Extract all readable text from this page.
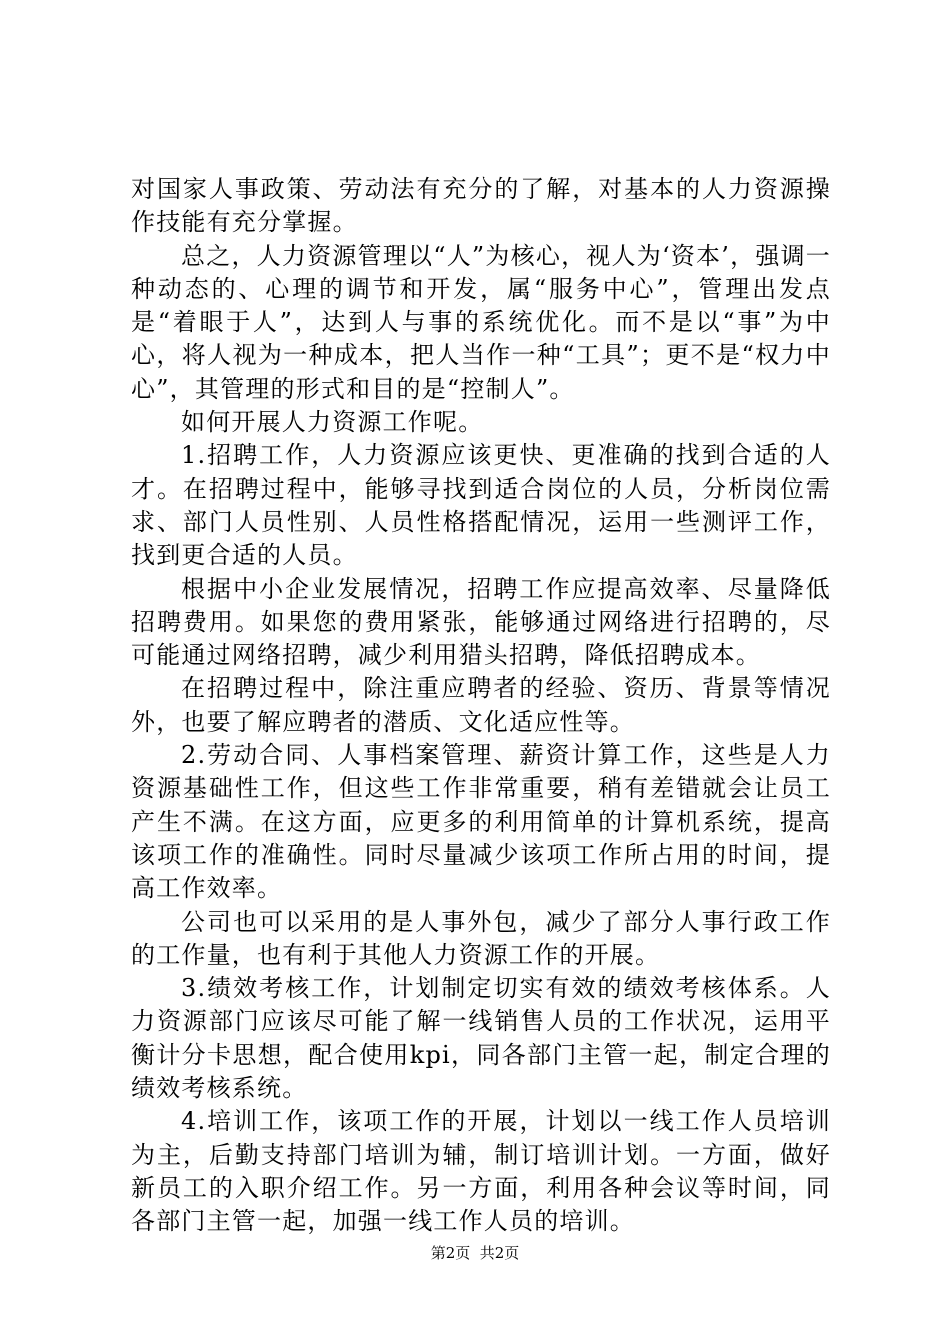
对国家人事政策、劳动法有充分的了解，对基本的人力资源操作技能有充分掌握。

总之，人力资源管理以“人”为核心，视人为‘资本’，强调一种动态的、心理的调节和开发，属“服务中心”，管理出发点是“着眼于人”，达到人与事的系统优化。而不是以“事”为中心，将人视为一种成本，把人当作一种“工具”；更不是“权力中心”，其管理的形式和目的是“控制人”。

如何开展人力资源工作呢。

1.招聘工作，人力资源应该更快、更准确的找到合适的人才。在招聘过程中，能够寻找到适合岗位的人员，分析岗位需求、部门人员性别、人员性格搭配情况，运用一些测评工作，找到更合适的人员。

根据中小企业发展情况，招聘工作应提高效率、尽量降低招聘费用。如果您的费用紧张，能够通过网络进行招聘的，尽可能通过网络招聘，减少利用猎头招聘，降低招聘成本。

在招聘过程中，除注重应聘者的经验、资历、背景等情况外，也要了解应聘者的潜质、文化适应性等。

2.劳动合同、人事档案管理、薪资计算工作，这些是人力资源基础性工作，但这些工作非常重要，稍有差错就会让员工产生不满。在这方面，应更多的利用简单的计算机系统，提高该项工作的准确性。同时尽量减少该项工作所占用的时间，提高工作效率。

公司也可以采用的是人事外包，减少了部分人事行政工作的工作量，也有利于其他人力资源工作的开展。

3.绩效考核工作，计划制定切实有效的绩效考核体系。人力资源部门应该尽可能了解一线销售人员的工作状况，运用平衡计分卡思想，配合使用kpi，同各部门主管一起，制定合理的绩效考核系统。

4.培训工作，该项工作的开展，计划以一线工作人员培训为主，后勤支持部门培训为辅，制订培训计划。一方面，做好新员工的入职介绍工作。另一方面，利用各种会议等时间，同各部门主管一起，加强一线工作人员的培训。

第2页  共2页
